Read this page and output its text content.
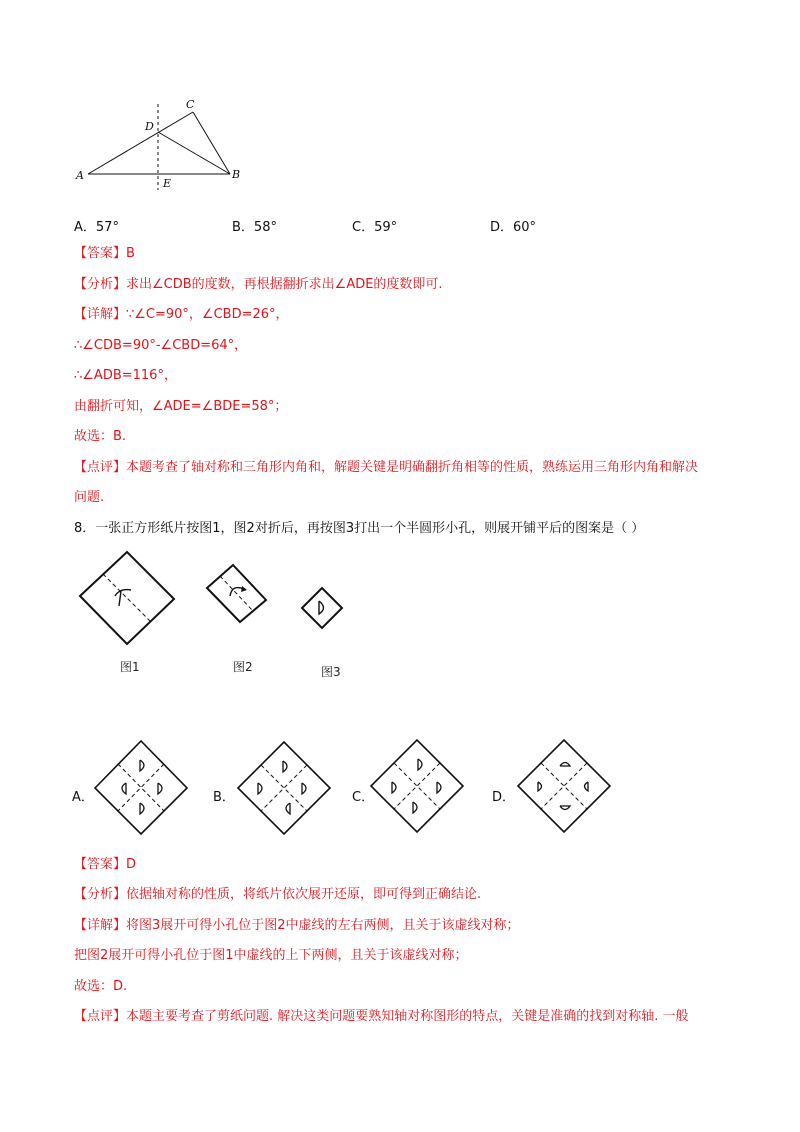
A	B
C
D
E
A．57°	B．58°	C．59°	D．60°
【答案】B
【分析】求出∠CDB的度数，再根据翻折求出∠ADE的度数即可.
【详解】∵∠C=90°，∠CBD=26°，
∴∠CDB=90°-∠CBD=64°，
∴∠ADB=116°，
由翻折可知，∠ADE=∠BDE=58°；
故选：B.
【点评】本题考查了轴对称和三角形内角和，解题关键是明确翻折角相等的性质，熟练运用三角形内角和解决
问题.
8．一张正方形纸片按图1，图2对折后，再按图3打出一个半圆形小孔，则展开铺平后的图案是（ ）
图1	图2	图3
A．	B．	C．	D．
【答案】D
【分析】依据轴对称的性质，将纸片依次展开还原，即可得到正确结论.
【详解】将图3展开可得小孔位于图2中虚线的左右两侧，且关于该虚线对称；
把图2展开可得小孔位于图1中虚线的上下两侧，且关于该虚线对称；
故选：D.
【点评】本题主要考查了剪纸问题. 解决这类问题要熟知轴对称图形的特点，关键是准确的找到对称轴. 一般
